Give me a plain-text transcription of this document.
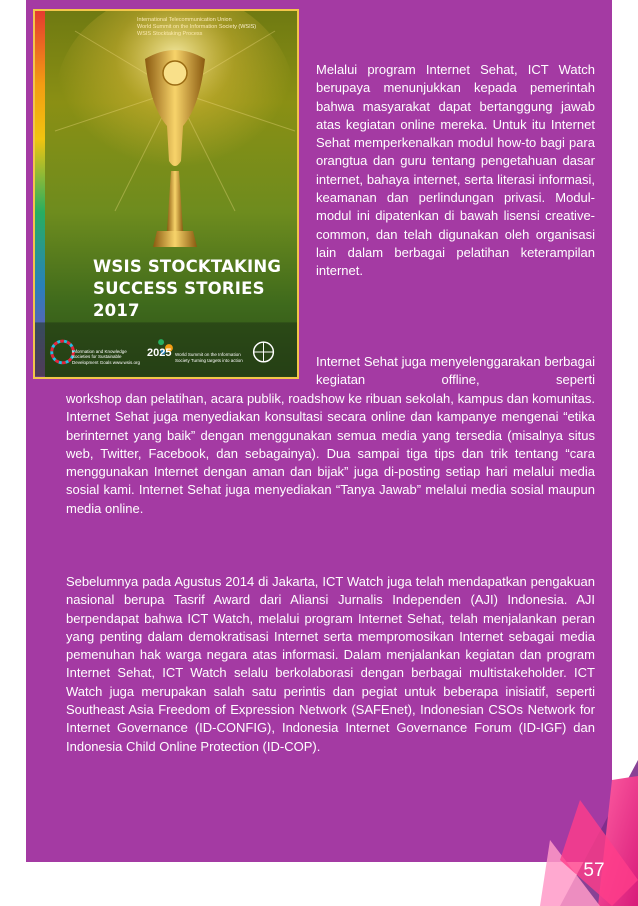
WSIS STOCKTAKING
SUCCESS STORIES 2017
Information and Knowledge Societies for Sustainable Development Goals www.wsis.org
2025 World Summit on the Information Society Turning targets into action

Melalui program Internet Sehat, ICT Watch berupaya menunjukkan kepada pemerintah bahwa masyarakat dapat bertanggung jawab atas kegiatan online mereka. Untuk itu Internet Sehat memperkenalkan modul how-to bagi para orangtua dan guru tentang pengetahuan dasar internet, bahaya internet, serta literasi informasi, keamanan dan perlindungan privasi. Modul-modul ini dipatenkan di bawah lisensi creative-common, dan telah digunakan oleh organisasi lain dalam berbagai pelatihan keterampilan internet.

Internet Sehat juga menyelenggarakan berbagai kegiatan offline, seperti

workshop dan pelatihan, acara publik, roadshow ke ribuan sekolah, kampus dan komunitas. Internet Sehat juga menyediakan konsultasi secara online dan kampanye mengenai “etika berinternet yang baik” dengan menggunakan semua media yang tersedia (misalnya situs web, Twitter, Facebook, dan sebagainya). Dua sampai tiga tips dan trik tentang “cara menggunakan Internet dengan aman dan bijak” juga di-posting setiap hari melalui media sosial kami. Internet Sehat juga menyediakan “Tanya Jawab” melalui media sosial maupun media online.

Sebelumnya pada Agustus 2014 di Jakarta, ICT Watch juga telah mendapatkan pengakuan nasional berupa Tasrif Award dari Aliansi Jurnalis Independen (AJI) Indonesia. AJI berpendapat bahwa ICT Watch, melalui program Internet Sehat, telah menjalankan peran yang penting dalam demokratisasi Internet serta mempromosikan Internet sebagai media pemenuhan hak warga negara atas informasi. Dalam menjalankan kegiatan dan program Internet Sehat, ICT Watch selalu berkolaborasi dengan berbagai multistakeholder. ICT Watch juga merupakan salah satu perintis dan pegiat untuk beberapa inisiatif, seperti Southeast Asia Freedom of Expression Network (SAFEnet), Indonesian CSOs Network for Internet Governance (ID-CONFIG), Indonesia Internet Governance Forum (ID-IGF) dan Indonesia Child Online Protection (ID-COP).

57
